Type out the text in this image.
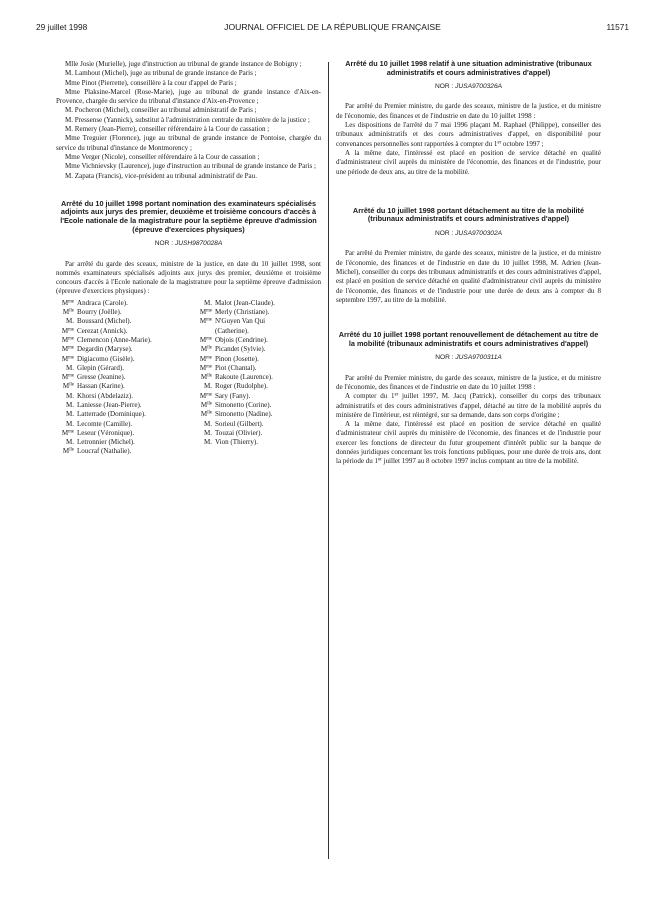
29 juillet 1998	JOURNAL OFFICIEL DE LA RÉPUBLIQUE FRANÇAISE	11571

Mlle Josie (Murielle), juge d'instruction au tribunal de grande instance de Bobigny ;

M. Lamhout (Michel), juge au tribunal de grande instance de Paris ;

Mme Pinot (Pierrette), conseillère à la cour d'appel de Paris ;

Mme Plaksine-Marcel (Rose-Marie), juge au tribunal de grande instance d'Aix-en-Provence, chargée du service du tribunal d'instance d'Aix-en-Provence ;

M. Pocheron (Michel), conseiller au tribunal administratif de Paris ;

M. Pressense (Yannick), substitut à l'administration centrale du ministère de la justice ;

M. Remery (Jean-Pierre), conseiller référendaire à la Cour de cassation ;

Mme Treguier (Florence), juge au tribunal de grande instance de Pontoise, chargée du service du tribunal d'instance de Montmorency ;

Mme Verger (Nicole), conseiller référendaire à la Cour de cassation ;

Mme Vichnievsky (Laurence), juge d'instruction au tribunal de grande instance de Paris ;

M. Zapata (Francis), vice-président au tribunal administratif de Pau.

Arrêté du 10 juillet 1998 portant nomination des examinateurs spécialisés adjoints aux jurys des premier, deuxième et troisième concours d'accès à l'Ecole nationale de la magistrature pour la septième épreuve d'admission (épreuve d'exercices physiques)

NOR : JUSH9870028A

Par arrêté du garde des sceaux, ministre de la justice, en date du 10 juillet 1998, sont nommés examinateurs spécialisés adjoints aux jurys des premier, deuxième et troisième concours d'accès à l'Ecole nationale de la magistrature pour la septième épreuve d'admission (épreuve d'exercices physiques) :

$M^{me}$ Andraca (Carole).
$M^{lle}$ Bourry (Joëlle).
M. Boussard (Michel).
$M^{me}$ Cerezat (Annick).
$M^{me}$ Clemencon (Anne-Marie).
$M^{me}$ Degardin (Maryse).
$M^{me}$ Digiacomo (Gisèle).
M. Glepin (Gérard).
$M^{me}$ Gresse (Jeanine).
$M^{lle}$ Hassan (Karine).
M. Khorsi (Abdelaziz).
M. Laniesse (Jean-Pierre).
M. Latterrade (Dominique).
M. Lecomte (Camille).
$M^{me}$ Leseur (Véronique).
M. Letronnier (Michel).
$M^{lle}$ Loucraf (Nathalie).
M. Malot (Jean-Claude).
$M^{me}$ Merly (Christiane).
$M^{me}$ N'Guyen Van Qui
(Catherine).
$M^{me}$ Objois (Cendrine).
$M^{lle}$ Picandet (Sylvie).
$M^{me}$ Pinon (Josette).
$M^{me}$ Piot (Chantal).
$M^{lle}$ Rakoute (Laurence).
M. Roger (Rudolphe).
$M^{me}$ Sary (Fany).
$M^{lle}$ Simonetto (Corine).
$M^{lle}$ Simonetto (Nadine).
M. Sorieul (Gilbert).
M. Touzai (Olivier).
M. Vion (Thierry).

Arrêté du 10 juillet 1998 relatif à une situation administrative (tribunaux administratifs et cours administratives d'appel)

NOR : JUSA9700326A

Par arrêté du Premier ministre, du garde des sceaux, ministre de la justice, et du ministre de l'économie, des finances et de l'industrie en date du 10 juillet 1998 :

Les dispositions de l'arrêté du 7 mai 1996 plaçant M. Raphael (Philippe), conseiller des tribunaux administratifs et des cours administratives d'appel, en disponibilité pour convenances personnelles sont rapportées à compter du 1er octobre 1997 ;

A la même date, l'intéressé est placé en position de service détaché en qualité d'administrateur civil auprès du ministère de l'économie, des finances et de l'industrie, pour une période de deux ans, au titre de la mobilité.

Arrêté du 10 juillet 1998 portant détachement au titre de la mobilité (tribunaux administratifs et cours administratives d'appel)

NOR : JUSA9700302A

Par arrêté du Premier ministre, du garde des sceaux, ministre de la justice, et du ministre de l'économie, des finances et de l'industrie en date du 10 juillet 1998, M. Adrien (Jean-Michel), conseiller du corps des tribunaux administratifs et des cours administratives d'appel, est placé en position de service détaché en qualité d'administrateur civil auprès du ministère de l'économie, des finances et de l'industrie pour une durée de deux ans à compter du 8 septembre 1997, au titre de la mobilité.

Arrêté du 10 juillet 1998 portant renouvellement de détachement au titre de la mobilité (tribunaux administratifs et cours administratives d'appel)

NOR : JUSA9700311A

Par arrêté du Premier ministre, du garde des sceaux, ministre de la justice, et du ministre de l'économie, des finances et de l'industrie en date du 10 juillet 1998 :

A compter du 1er juillet 1997, M. Jacq (Patrick), conseiller du corps des tribunaux administratifs et des cours administratives d'appel, détaché au titre de la mobilité auprès du ministère de l'intérieur, est réintégré, sur sa demande, dans son corps d'origine ;

A la même date, l'intéressé est placé en position de service détaché en qualité d'administrateur civil auprès du ministère de l'économie, des finances et de l'industrie pour exercer les fonctions de directeur du futur groupement d'intérêt public sur la banque de données juridiques concernant les trois fonctions publiques, pour une durée de trois ans, dont la période du 1er juillet 1997 au 8 octobre 1997 inclus comptant au titre de la mobilité.
